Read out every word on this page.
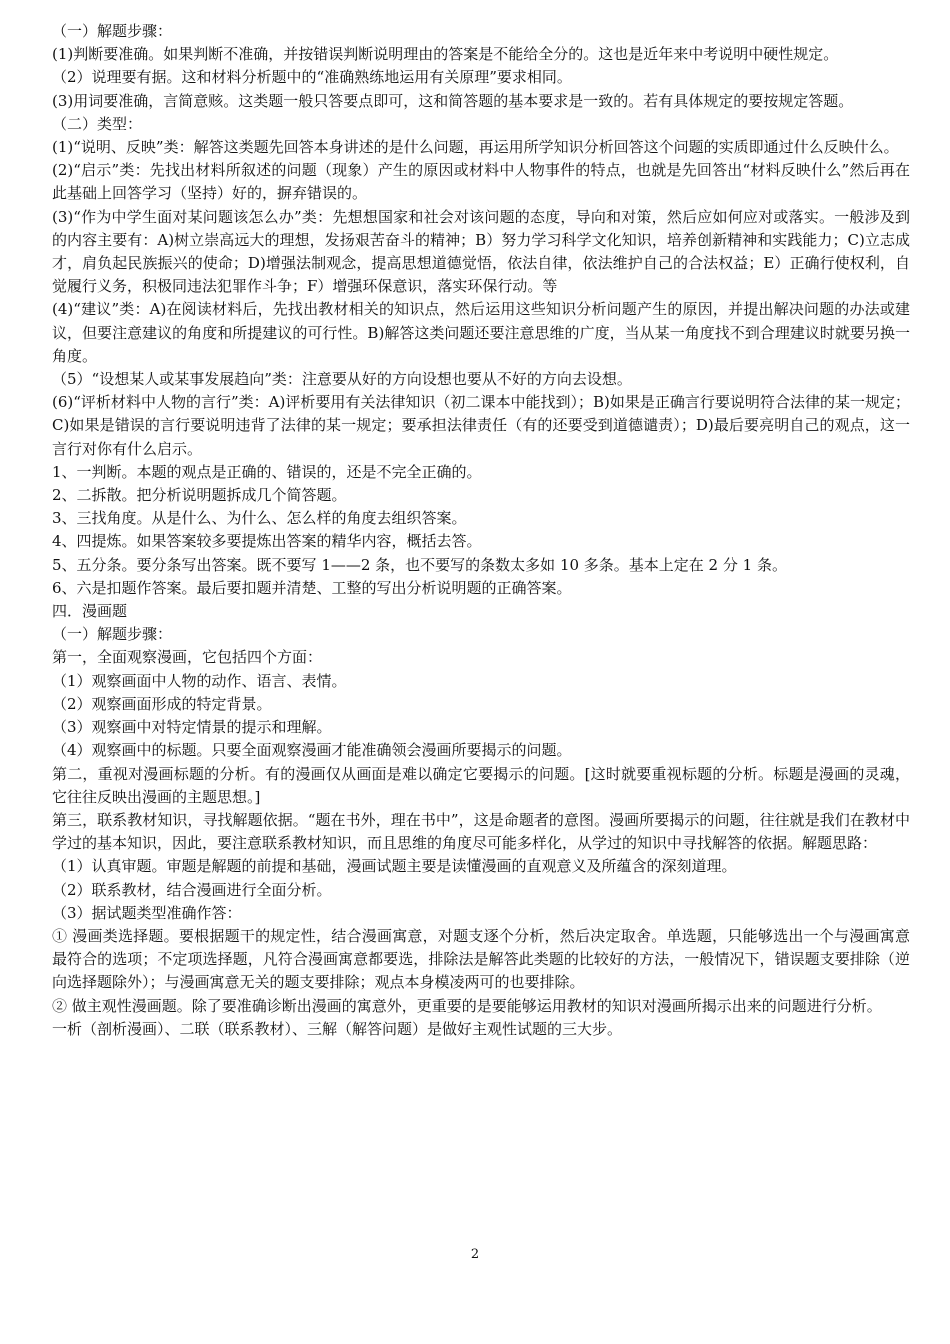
（一）解题步骤：

(1)判断要准确。如果判断不准确，并按错误判断说明理由的答案是不能给全分的。这也是近年来中考说明中硬性规定。

（2）说理要有据。这和材料分析题中的“准确熟练地运用有关原理”要求相同。

(3)用词要准确，言简意赅。这类题一般只答要点即可，这和简答题的基本要求是一致的。若有具体规定的要按规定答题。

（二）类型：

(1)“说明、反映”类：解答这类题先回答本身讲述的是什么问题，再运用所学知识分析回答这个问题的实质即通过什么反映什么。

(2)“启示”类：先找出材料所叙述的问题（现象）产生的原因或材料中人物事件的特点，也就是先回答出“材料反映什么”然后再在此基础上回答学习（坚持）好的，摒弃错误的。

(3)“作为中学生面对某问题该怎么办”类：先想想国家和社会对该问题的态度，导向和对策，然后应如何应对或落实。一般涉及到的内容主要有：A)树立崇高远大的理想，发扬艰苦奋斗的精神；B）努力学习科学文化知识，培养创新精神和实践能力；C)立志成才，肩负起民族振兴的使命；D)增强法制观念，提高思想道德觉悟，依法自律，依法维护自己的合法权益；E）正确行使权利，自觉履行义务，积极同违法犯罪作斗争；F）增强环保意识，落实环保行动。等

(4)“建议”类：A)在阅读材料后，先找出教材相关的知识点，然后运用这些知识分析问题产生的原因，并提出解决问题的办法或建议，但要注意建议的角度和所提建议的可行性。B)解答这类问题还要注意思维的广度，当从某一角度找不到合理建议时就要另换一角度。

（5）“设想某人或某事发展趋向”类：注意要从好的方向设想也要从不好的方向去设想。

(6)“评析材料中人物的言行”类：A)评析要用有关法律知识（初二课本中能找到）；B)如果是正确言行要说明符合法律的某一规定；C)如果是错误的言行要说明违背了法律的某一规定；要承担法律责任（有的还要受到道德谴责）；D)最后要亮明自己的观点，这一言行对你有什么启示。

1、一判断。本题的观点是正确的、错误的，还是不完全正确的。

2、二拆散。把分析说明题拆成几个简答题。

3、三找角度。从是什么、为什么、怎么样的角度去组织答案。

4、四提炼。如果答案较多要提炼出答案的精华内容，概括去答。

5、五分条。要分条写出答案。既不要写 1——2 条，也不要写的条数太多如 10 多条。基本上定在 2 分 1 条。

6、六是扣题作答案。最后要扣题并清楚、工整的写出分析说明题的正确答案。

四．漫画题

（一）解题步骤：

第一，全面观察漫画，它包括四个方面：

（1）观察画面中人物的动作、语言、表情。

（2）观察画面形成的特定背景。

（3）观察画中对特定情景的提示和理解。

（4）观察画中的标题。只要全面观察漫画才能准确领会漫画所要揭示的问题。

第二，重视对漫画标题的分析。有的漫画仅从画面是难以确定它要揭示的问题。[这时就要重视标题的分析。标题是漫画的灵魂，它往往反映出漫画的主题思想。]

第三，联系教材知识，寻找解题依据。“题在书外，理在书中”，这是命题者的意图。漫画所要揭示的问题，往往就是我们在教材中学过的基本知识，因此，要注意联系教材知识，而且思维的角度尽可能多样化，从学过的知识中寻找解答的依据。解题思路：

（1）认真审题。审题是解题的前提和基础，漫画试题主要是读懂漫画的直观意义及所蕴含的深刻道理。

（2）联系教材，结合漫画进行全面分析。

（3）据试题类型准确作答：

① 漫画类选择题。要根据题干的规定性，结合漫画寓意，对题支逐个分析，然后决定取舍。单选题，只能够选出一个与漫画寓意最符合的选项；不定项选择题，凡符合漫画寓意都要选，排除法是解答此类题的比较好的方法，一般情况下，错误题支要排除（逆向选择题除外）；与漫画寓意无关的题支要排除；观点本身模凌两可的也要排除。

② 做主观性漫画题。除了要准确诊断出漫画的寓意外，更重要的是要能够运用教材的知识对漫画所揭示出来的问题进行分析。

一析（剖析漫画）、二联（联系教材）、三解（解答问题）是做好主观性试题的三大步。

2
